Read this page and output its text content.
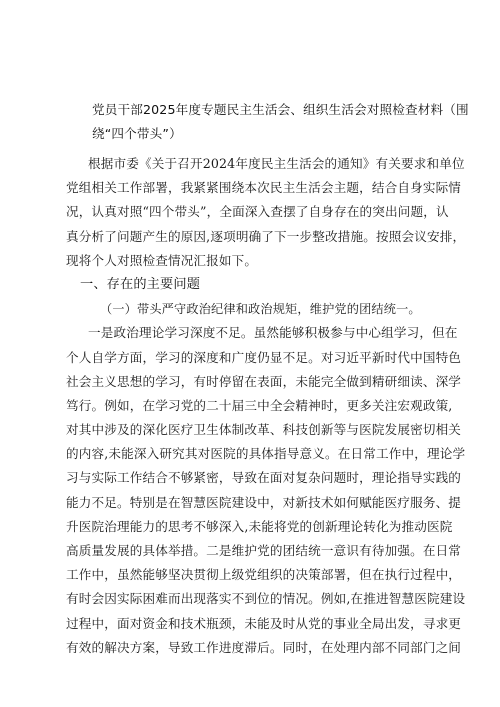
党员干部2025年度专题民主生活会、组织生活会对照检查材料（围
绕“四个带头”）
根据市委《关于召开2024年度民主生活会的通知》有关要求和单位
党组相关工作部署，我紧紧围绕本次民主生活会主题，结合自身实际情
况，认真对照“四个带头”，全面深入查摆了自身存在的突出问题，认
真分析了问题产生的原因,逐项明确了下一步整改措施。按照会议安排，
现将个人对照检查情况汇报如下。
一、存在的主要问题
（一）带头严守政治纪律和政治规矩，维护党的团结统一。
一是政治理论学习深度不足。虽然能够积极参与中心组学习，但在
个人自学方面，学习的深度和广度仍显不足。对习近平新时代中国特色
社会主义思想的学习，有时停留在表面，未能完全做到精研细读、深学
笃行。例如，在学习党的二十届三中全会精神时，更多关注宏观政策,
对其中涉及的深化医疗卫生体制改革、科技创新等与医院发展密切相关
的内容,未能深入研究其对医院的具体指导意义。在日常工作中，理论学
习与实际工作结合不够紧密，导致在面对复杂问题时，理论指导实践的
能力不足。特别是在智慧医院建设中，对新技术如何赋能医疗服务、提
升医院治理能力的思考不够深入,未能将党的创新理论转化为推动医院
高质量发展的具体举措。二是维护党的团结统一意识有待加强。在日常
工作中，虽然能够坚决贯彻上级党组织的决策部署，但在执行过程中，
有时会因实际困难而出现落实不到位的情况。例如,在推进智慧医院建设
过程中，面对资金和技术瓶颈，未能及时从党的事业全局出发，寻求更
有效的解决方案，导致工作进度滞后。同时，在处理内部不同部门之间
